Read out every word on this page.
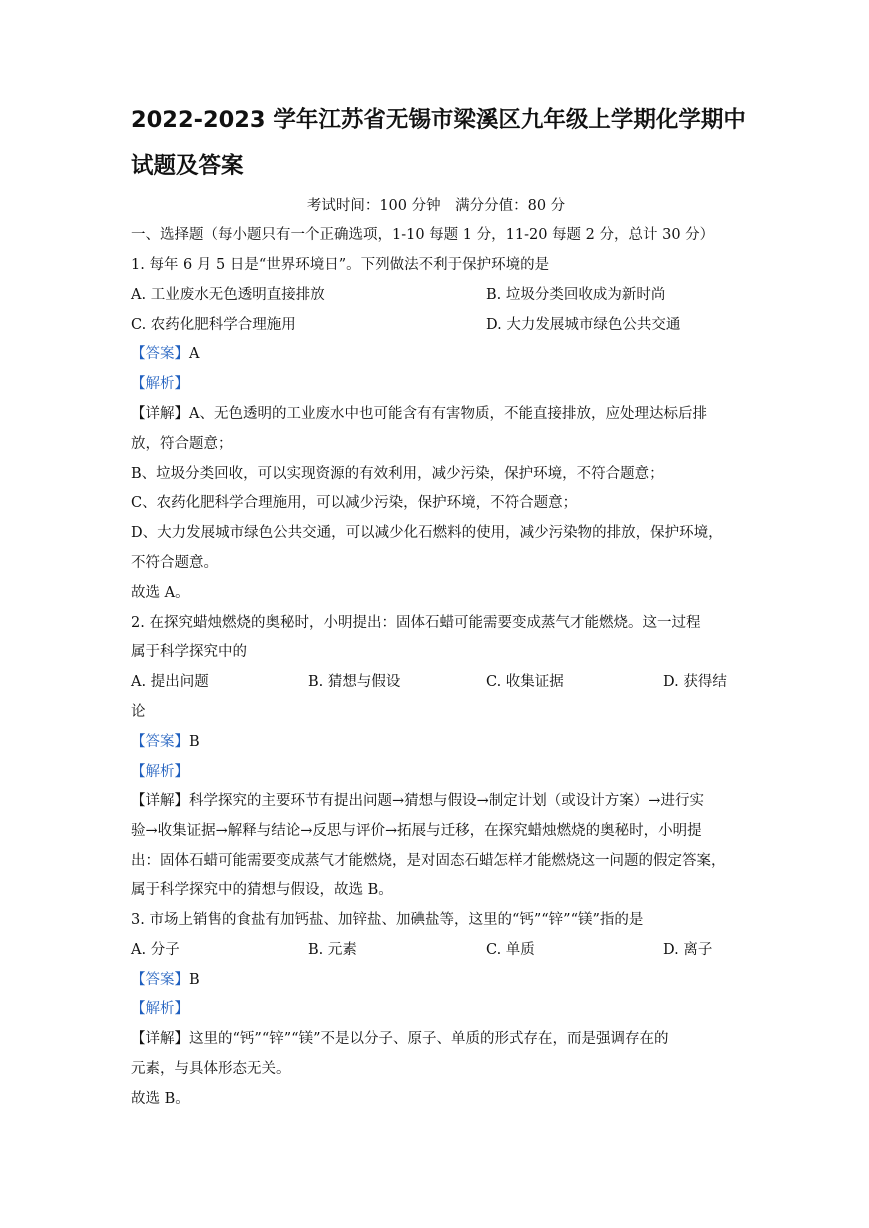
2022-2023 学年江苏省无锡市梁溪区九年级上学期化学期中
试题及答案
考试时间：100 分钟　满分分值：80 分
一、选择题（每小题只有一个正确选项，1-10 每题 1 分，11-20 每题 2 分，总计 30 分）
1. 每年 6 月 5 日是“世界环境日”。下列做法不利于保护环境的是
A. 工业废水无色透明直接排放	B. 垃圾分类回收成为新时尚
C. 农药化肥科学合理施用	D. 大力发展城市绿色公共交通
【答案】A
【解析】
【详解】A、无色透明的工业废水中也可能含有有害物质，不能直接排放，应处理达标后排
放，符合题意；
B、垃圾分类回收，可以实现资源的有效利用，减少污染，保护环境，不符合题意；
C、农药化肥科学合理施用，可以减少污染，保护环境，不符合题意；
D、大力发展城市绿色公共交通，可以减少化石燃料的使用，减少污染物的排放，保护环境，
不符合题意。
故选 A。
2. 在探究蜡烛燃烧的奥秘时，小明提出：固体石蜡可能需要变成蒸气才能燃烧。这一过程
属于科学探究中的
A. 提出问题	B. 猜想与假设	C. 收集证据	D. 获得结
论
【答案】B
【解析】
【详解】科学探究的主要环节有提出问题→猜想与假设→制定计划（或设计方案）→进行实
验→收集证据→解释与结论→反思与评价→拓展与迁移，在探究蜡烛燃烧的奥秘时，小明提
出：固体石蜡可能需要变成蒸气才能燃烧，是对固态石蜡怎样才能燃烧这一问题的假定答案，
属于科学探究中的猜想与假设，故选 B。
3. 市场上销售的食盐有加钙盐、加锌盐、加碘盐等，这里的“钙”“锌”“镁”指的是
A. 分子	B. 元素	C. 单质	D. 离子
【答案】B
【解析】
【详解】这里的“钙”“锌”“镁”不是以分子、原子、单质的形式存在，而是强调存在的
元素，与具体形态无关。
故选 B。
